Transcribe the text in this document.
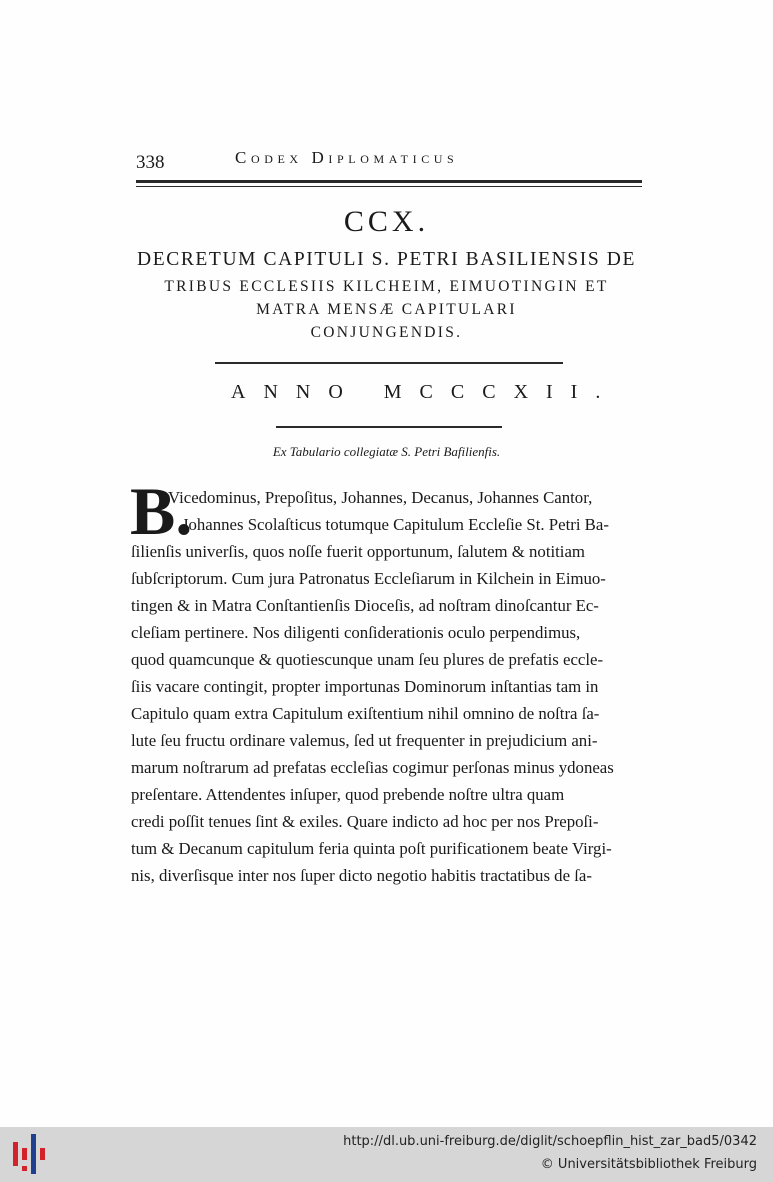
338	Codex Diplomaticus
CCX.
DECRETUM CAPITULI S. PETRI BASILIENSIS DE
TRIBUS ECCLESIIS KILCHEIM, EIMUOTINGIN ET
MATRA MENSÆ CAPITULARI
CONJUNGENDIS.
ANNO MCCCXII.
Ex Tabulario collegiatæ S. Petri Bafilienfis.
B.
Vicedominus, Prepoſitus, Johannes, Decanus, Johannes Cantor,
Johannes Scolaſticus totumque Capitulum Eccleſie St. Petri Ba-
ſilienſis univerſis, quos noſſe fuerit opportunum, ſalutem & notitiam
ſubſcriptorum. Cum jura Patronatus Eccleſiarum in Kilchein in Eimuo-
tingen & in Matra Conſtantienſis Dioceſis, ad noſtram dinoſcantur Ec-
cleſiam pertinere. Nos diligenti conſiderationis oculo perpendimus,
quod quamcunque & quotiescunque unam ſeu plures de prefatis eccle-
ſiis vacare contingit, propter importunas Dominorum inſtantias tam in
Capitulo quam extra Capitulum exiſtentium nihil omnino de noſtra ſa-
lute ſeu fructu ordinare valemus, ſed ut frequenter in prejudicium ani-
marum noſtrarum ad prefatas eccleſias cogimur perſonas minus ydoneas
preſentare. Attendentes inſuper, quod prebende noſtre ultra quam
credi poſſit tenues ſint & exiles. Quare indicto ad hoc per nos Prepoſi-
tum & Decanum capitulum feria quinta poſt purificationem beate Virgi-
nis, diverſisque inter nos ſuper dicto negotio habitis tractatibus de ſa-
http://dl.ub.uni-freiburg.de/diglit/schoepflin_hist_zar_bad5/0342
© Universitätsbibliothek Freiburg
